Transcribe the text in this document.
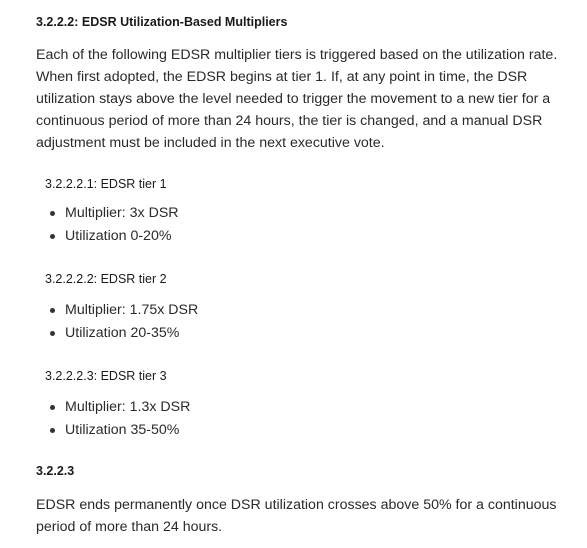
3.2.2.2: EDSR Utilization-Based Multipliers
Each of the following EDSR multiplier tiers is triggered based on the utilization rate.
When first adopted, the EDSR begins at tier 1. If, at any point in time, the DSR
utilization stays above the level needed to trigger the movement to a new tier for a
continuous period of more than 24 hours, the tier is changed, and a manual DSR
adjustment must be included in the next executive vote.
3.2.2.2.1: EDSR tier 1
Multiplier: 3x DSR
Utilization 0-20%
3.2.2.2.2: EDSR tier 2
Multiplier: 1.75x DSR
Utilization 20-35%
3.2.2.2.3: EDSR tier 3
Multiplier: 1.3x DSR
Utilization 35-50%
3.2.2.3
EDSR ends permanently once DSR utilization crosses above 50% for a continuous
period of more than 24 hours.
